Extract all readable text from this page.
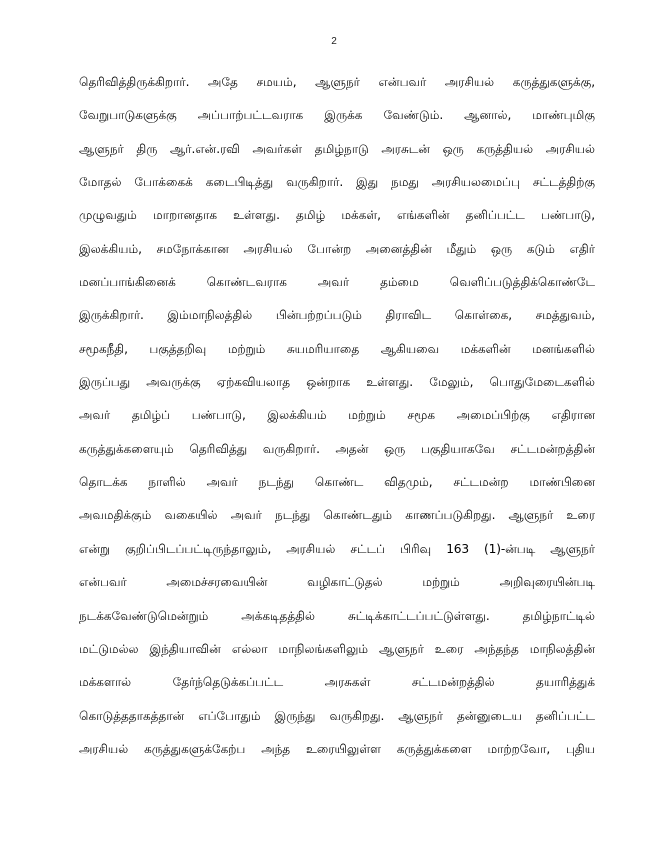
2
தெரிவித்திருக்கிறார். அதே சமயம், ஆளுநர் என்பவர் அரசியல் கருத்துகளுக்கு,
வேறுபாடுகளுக்கு அப்பாற்பட்டவராக இருக்க வேண்டும். ஆனால், மாண்புமிகு
ஆளுநர் திரு ஆர்.என்.ரவி அவர்கள் தமிழ்நாடு அரசுடன் ஒரு கருத்தியல் அரசியல்
மோதல் போக்கைக் கடைபிடித்து வருகிறார். இது நமது அரசியலமைப்பு சட்டத்திற்கு
முழுவதும் மாறானதாக உள்ளது. தமிழ் மக்கள், எங்களின் தனிப்பட்ட பண்பாடு,
இலக்கியம், சமநோக்கான அரசியல் போன்ற அனைத்தின் மீதும் ஒரு கடும் எதிர்
மனப்பாங்கினைக் கொண்டவராக அவர் தம்மை வெளிப்படுத்திக்கொண்டே
இருக்கிறார். இம்மாநிலத்தில் பின்பற்றப்படும் திராவிட கொள்கை, சமத்துவம்,
சமூகநீதி, பகுத்தறிவு மற்றும் சுயமரியாதை ஆகியவை மக்களின் மனங்களில்
இருப்பது அவருக்கு ஏற்கவியலாத ஒன்றாக உள்ளது. மேலும், பொதுமேடைகளில்
அவர் தமிழ்ப் பண்பாடு, இலக்கியம் மற்றும் சமூக அமைப்பிற்கு எதிரான
கருத்துக்களையும் தெரிவித்து வருகிறார். அதன் ஒரு பகுதியாகவே சட்டமன்றத்தின்
தொடக்க நாளில் அவர் நடந்து கொண்ட விதமும், சட்டமன்ற மாண்பினை
அவமதிக்கும் வகையில் அவர் நடந்து கொண்டதும் காணப்படுகிறது. ஆளுநர் உரை
என்று குறிப்பிடப்பட்டிருந்தாலும், அரசியல் சட்டப் பிரிவு 163 (1)-ன்படி ஆளுநர்
என்பவர் அமைச்சரவையின் வழிகாட்டுதல் மற்றும் அறிவுரையின்படி
நடக்கவேண்டுமென்றும் அக்கடிதத்தில் சுட்டிக்காட்டப்பட்டுள்ளது. தமிழ்நாட்டில்
மட்டுமல்ல இந்தியாவின் எல்லா மாநிலங்களிலும் ஆளுநர் உரை அந்தந்த மாநிலத்தின்
மக்களால் தேர்ந்தெடுக்கப்பட்ட அரசுகள் சட்டமன்றத்தில் தயாரித்துக்
கொடுத்ததாகத்தான் எப்போதும் இருந்து வருகிறது. ஆளுநர் தன்னுடைய தனிப்பட்ட
அரசியல் கருத்துகளுக்கேற்ப அந்த உரையிலுள்ள கருத்துக்களை மாற்றவோ, புதிய
